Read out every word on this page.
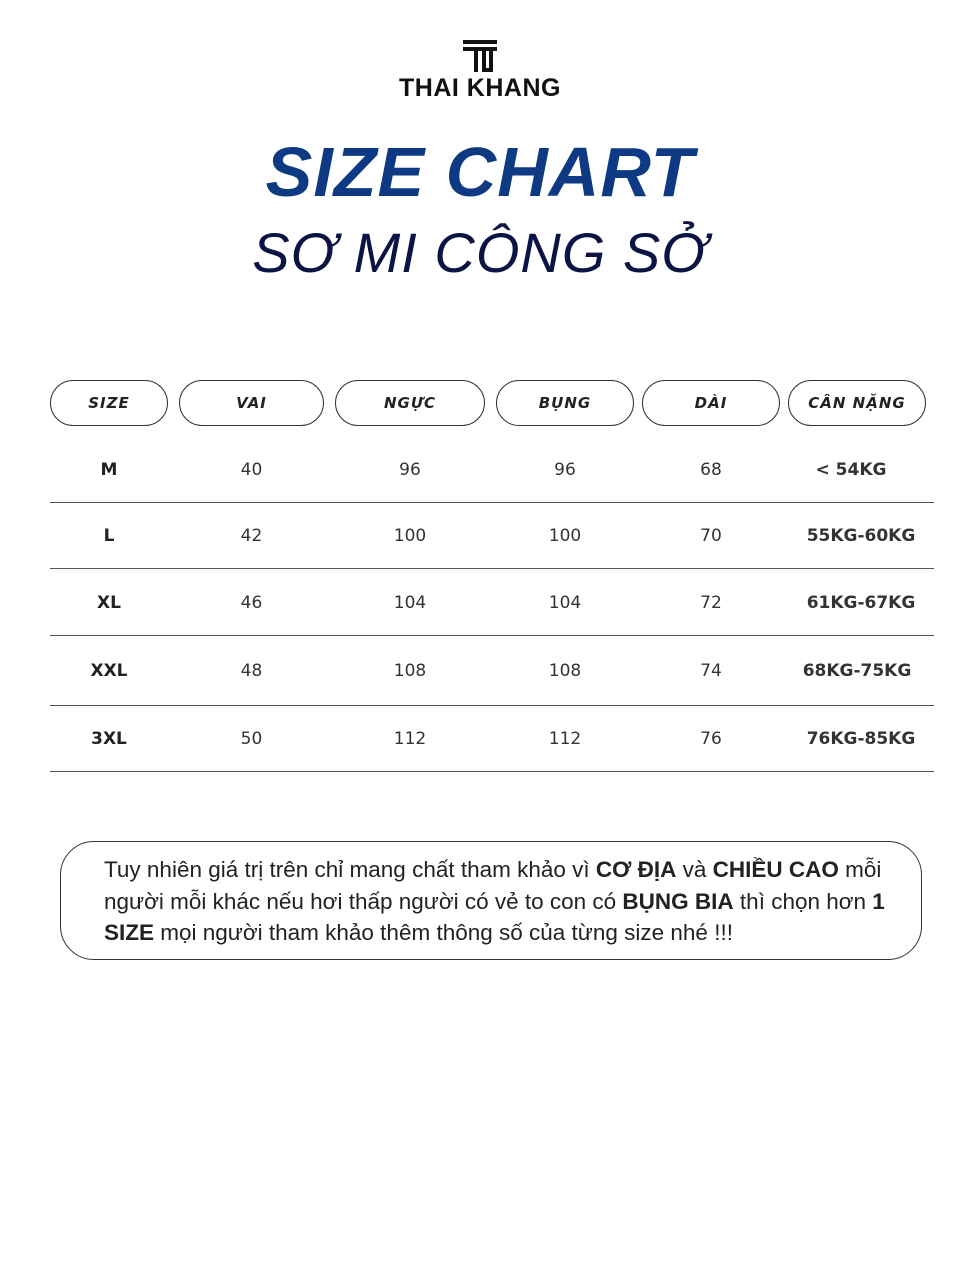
THAI KHANG
SIZE CHART
SƠ MI CÔNG SỞ
SIZE	VAI	NGỰC	BỤNG	DÀI	CÂN NẶNG
M	40	96	96	68	< 54KG
L	42	100	100	70	55KG-60KG
XL	46	104	104	72	61KG-67KG
XXL	48	108	108	74	68KG-75KG
3XL	50	112	112	76	76KG-85KG
Tuy nhiên giá trị trên chỉ mang chất tham khảo vì CƠ ĐỊA và CHIỀU CAO mỗi người mỗi khác nếu hơi thấp người có vẻ to con có BỤNG BIA thì chọn hơn 1 SIZE mọi người tham khảo thêm thông số của từng size nhé !!!
